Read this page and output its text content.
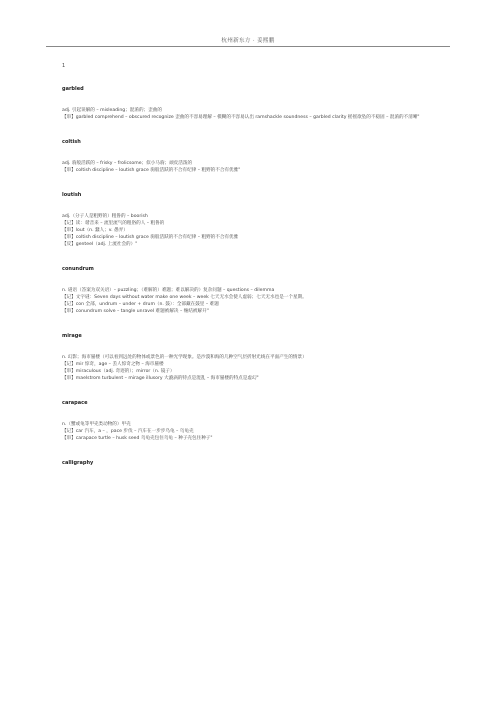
杭州新东方 · 姜熙鹏
1
garbled
adj. 引起误解的 – misleading；混淆的；歪曲的
【串】garbled comprehend – obscured recognize 歪曲的不容易理解 – 模糊的不容易认出 ramshackle soundness – garbled clarity 摇摇欲坠的不稳固 – 混淆的不清晰"
coltish
adj. 驹般活跃的 – frisky – frolicsome；似小马驹；顽皮活泼的
【串】coltish discipline – loutish grace 驹般活跃的不合有纪律 – 粗野的不合有优雅"
loutish
adj.（分子人是粗野的）粗鲁的 – boorish
【记】读：谐音来 – 流里流气的粗俗的人 – 粗鲁的
【串】lout（n. 蠢人；v. 愚弄）
【串】coltish discipline – loutish grace 驹般活跃的不合有纪律 – 粗野的不合有优雅
【反】genteel（adj. 上流社会的）"
conundrum
n. 谜语（答案为双关语）– puzzling；（难解的）难题；难以解决的）复杂问题 – questions – dilemma
【记】文字谜：Seven days without water make one week – week 七天无水会使人虚弱；七天无水也是一个星期。
【记】con 全部，undrum – under + drum（n. 鼓）：全部藏在鼓里 – 难题
【串】conundrum solve – tangle unravel 难题被解决 – 缠结被解开"
mirage
n. 幻影；海市蜃楼（可以看到远处的物体或景色的一种光学现象。是沙漠和海的几种空气层折射光线在平面产生的情景）
【记】mir 惊奇，age – 丢人惊奇之物 – 海市蜃楼
【串】miraculous（adj. 奇迹的）；mirror（n. 镜子）
【串】maelstrom turbulent – mirage illusory 大漩涡的特点是混乱 – 海市蜃楼的特点是虚幻"
carapace
n.（蟹或龟等甲壳类动物的）甲壳
【记】car 汽车，a – ，pace 步伐 – 汽车在一步步乌龟 – 乌龟壳
【串】carapace turtle – husk seed 乌龟壳包住乌龟 – 种子壳包住种子"
calligraphy
